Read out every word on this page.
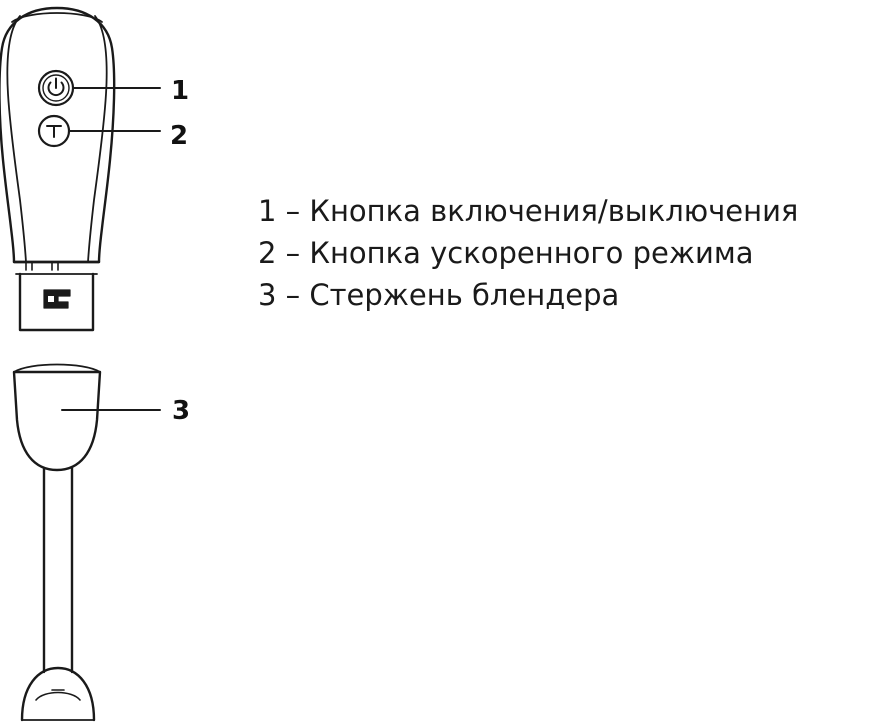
1
2
3
1 – Кнопка включения/выключения
2 – Кнопка ускоренного режима
3 – Стержень блендера
